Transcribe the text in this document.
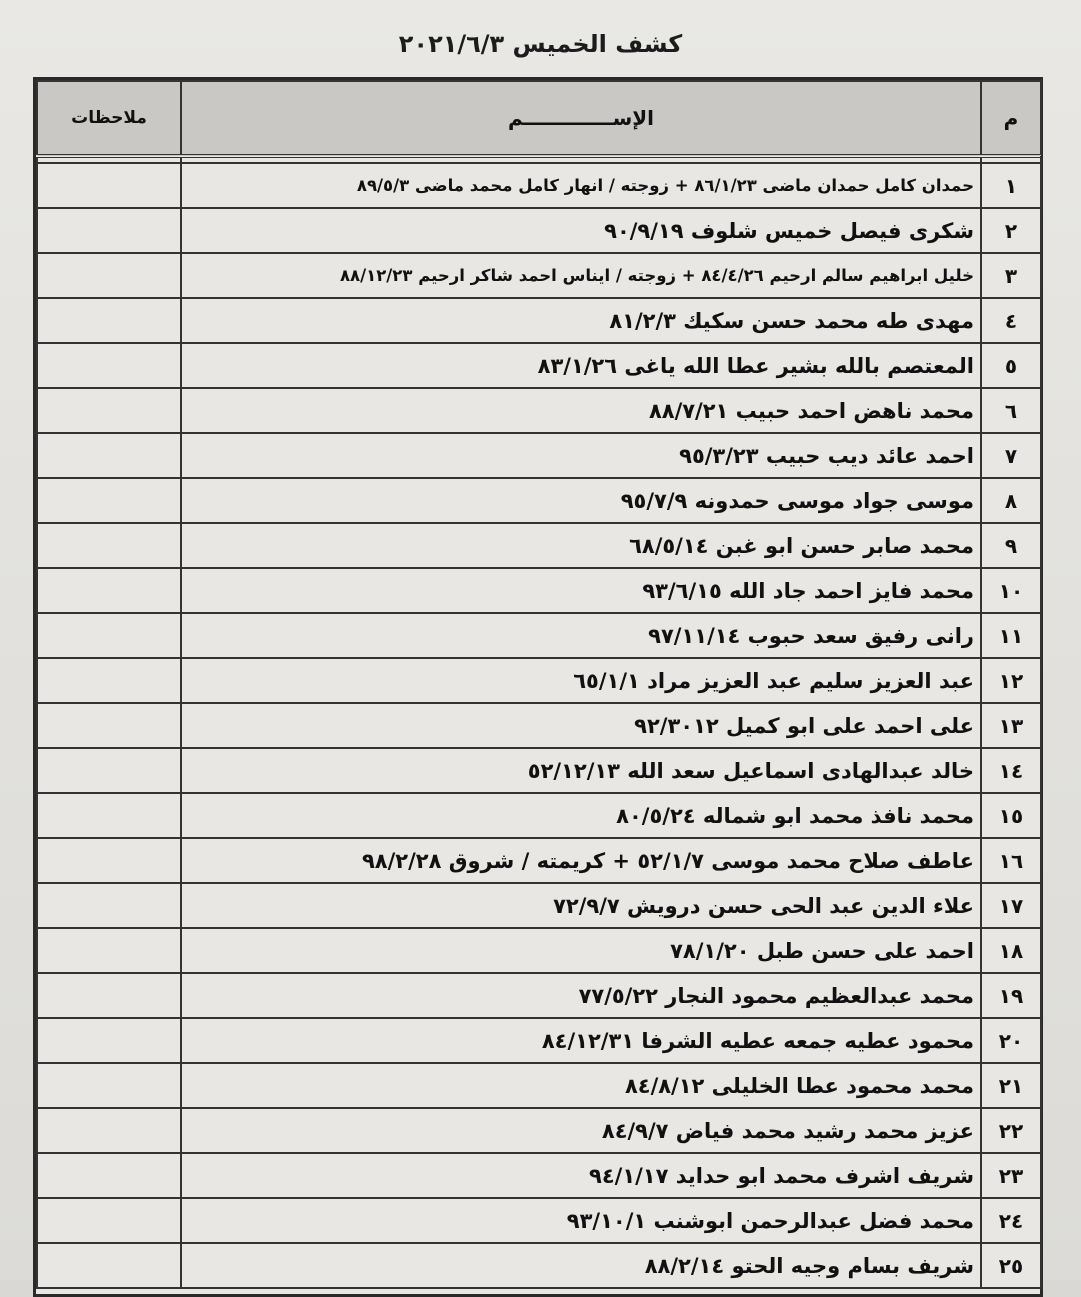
كشف الخميس ٢٠٢١/٦/٣
م	الإســـــــــــــم	ملاحظات

١	حمدان كامل حمدان ماضى ٨٦/١/٢٣ + زوجته / انهار كامل محمد ماضى ٨٩/٥/٣	
٢	شكرى فيصل خميس شلوف ٩٠/٩/١٩	
٣	خليل ابراهيم سالم ارحيم ٨٤/٤/٢٦ + زوجته / ايناس احمد شاكر ارحيم ٨٨/١٢/٢٣	
٤	مهدى طه محمد حسن سكيك ٨١/٢/٣	
٥	المعتصم بالله بشير عطا الله ياغى ٨٣/١/٢٦	
٦	محمد ناهض احمد حبيب ٨٨/٧/٢١	
٧	احمد عائد ديب حبيب ٩٥/٣/٢٣	
٨	موسى جواد موسى حمدونه ٩٥/٧/٩	
٩	محمد صابر حسن ابو غبن ٦٨/٥/١٤	
١٠	محمد فايز احمد جاد الله ٩٣/٦/١٥	
١١	رانى رفيق سعد حبوب ٩٧/١١/١٤	
١٢	عبد العزيز سليم عبد العزيز مراد ٦٥/١/١	
١٣	على احمد على ابو كميل ٩٢/٣٠١٢	
١٤	خالد عبدالهادى اسماعيل سعد الله ٥٢/١٢/١٣	
١٥	محمد نافذ محمد ابو شماله ٨٠/٥/٢٤	
١٦	عاطف صلاح محمد موسى ٥٢/١/٧ + كريمته / شروق ٩٨/٢/٢٨	
١٧	علاء الدين عبد الحى حسن درويش ٧٢/٩/٧	
١٨	احمد على حسن طبل ٧٨/١/٢٠	
١٩	محمد عبدالعظيم محمود النجار ٧٧/٥/٢٢	
٢٠	محمود عطيه جمعه عطيه الشرفا ٨٤/١٢/٣١	
٢١	محمد محمود عطا الخليلى ٨٤/٨/١٢	
٢٢	عزيز محمد رشيد محمد فياض ٨٤/٩/٧	
٢٣	شريف اشرف محمد ابو حدايد ٩٤/١/١٧	
٢٤	محمد فضل عبدالرحمن ابوشنب ٩٣/١٠/١	
٢٥	شريف بسام وجيه الحتو ٨٨/٢/١٤	
